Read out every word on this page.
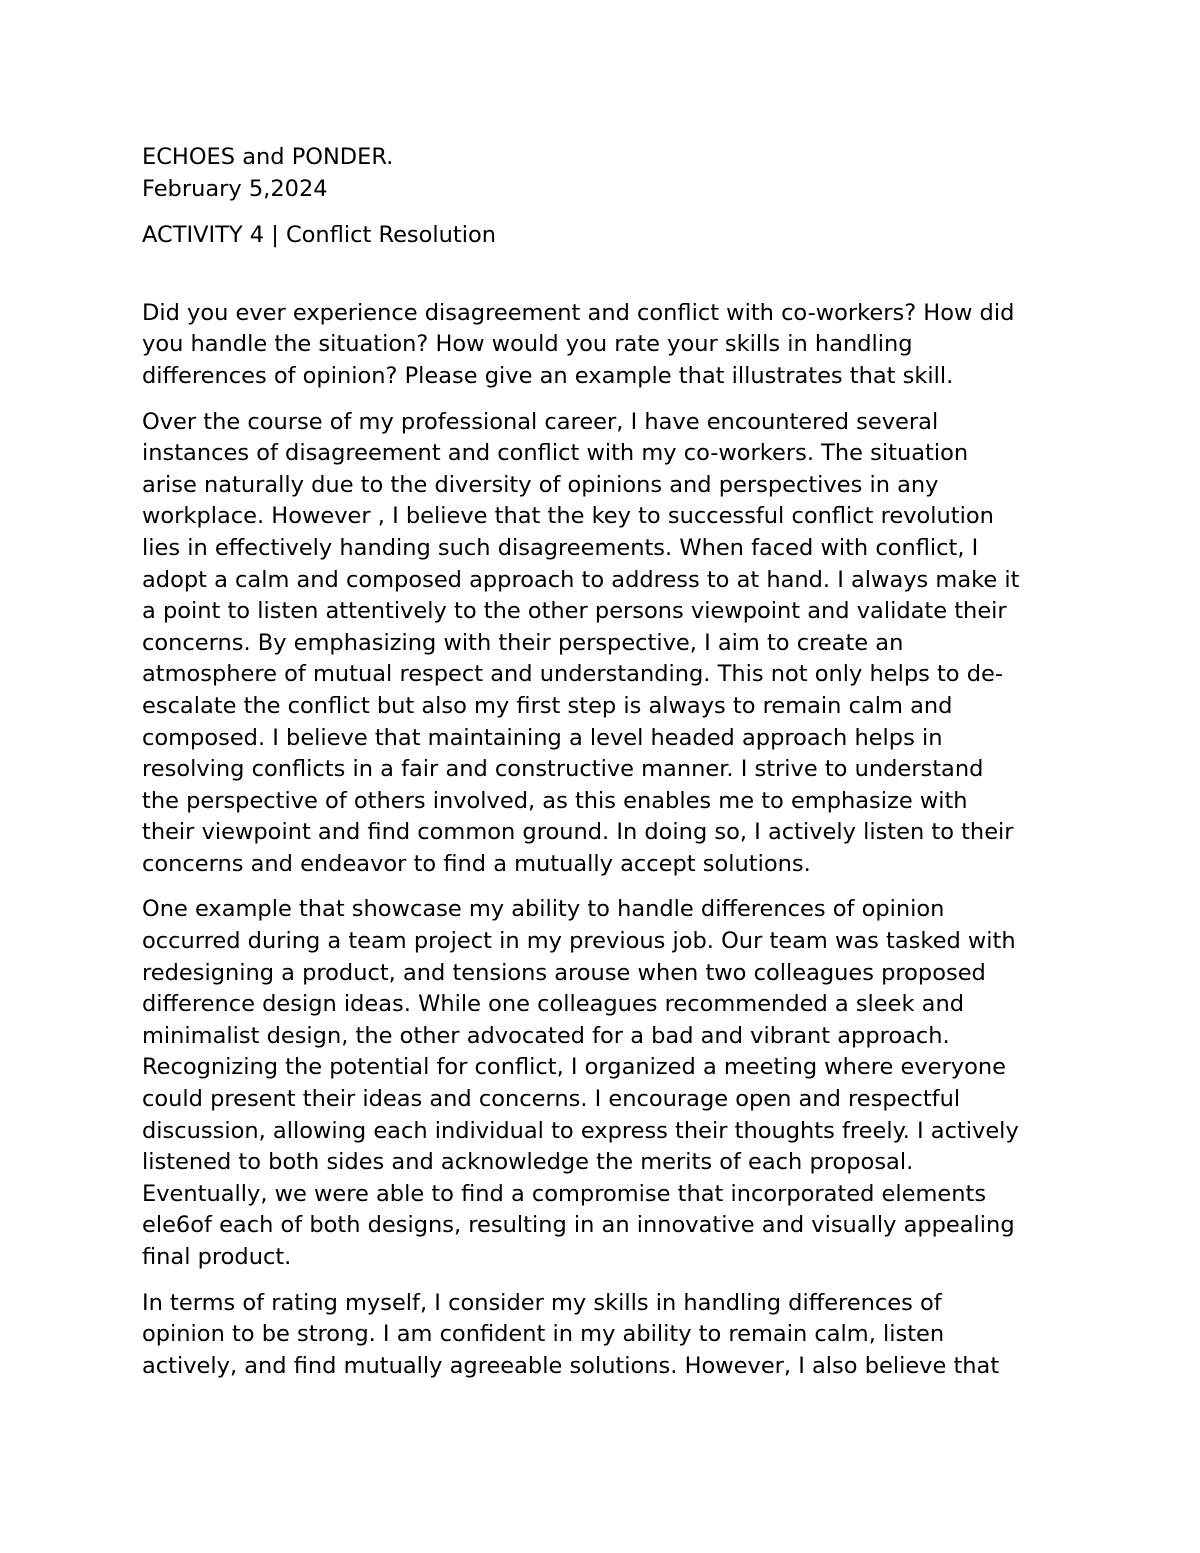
ECHOES and PONDER.

February 5,2024

ACTIVITY 4 | Conflict Resolution

Did you ever experience disagreement and conflict with co-workers? How did
you handle the situation? How would you rate your skills in handling
differences of opinion? Please give an example that illustrates that skill.

Over the course of my professional career, I have encountered several
instances of disagreement and conflict with my co-workers. The situation
arise naturally due to the diversity of opinions and perspectives in any
workplace. However , I believe that the key to successful conflict revolution
lies in effectively handing such disagreements. When faced with conflict, I
adopt a calm and composed approach to address to at hand. I always make it
a point to listen attentively to the other persons viewpoint and validate their
concerns. By emphasizing with their perspective, I aim to create an
atmosphere of mutual respect and understanding. This not only helps to de-
escalate the conflict but also my first step is always to remain calm and
composed. I believe that maintaining a level headed approach helps in
resolving conflicts in a fair and constructive manner. I strive to understand
the perspective of others involved, as this enables me to emphasize with
their viewpoint and find common ground. In doing so, I actively listen to their
concerns and endeavor to find a mutually accept solutions.

One example that showcase my ability to handle differences of opinion
occurred during a team project in my previous job. Our team was tasked with
redesigning a product, and tensions arouse when two colleagues proposed
difference design ideas. While one colleagues recommended a sleek and
minimalist design, the other advocated for a bad and vibrant approach.
Recognizing the potential for conflict, I organized a meeting where everyone
could present their ideas and concerns. I encourage open and respectful
discussion, allowing each individual to express their thoughts freely. I actively
listened to both sides and acknowledge the merits of each proposal.
Eventually, we were able to find a compromise that incorporated elements
ele6of each of both designs, resulting in an innovative and visually appealing
final product.

In terms of rating myself, I consider my skills in handling differences of
opinion to be strong. I am confident in my ability to remain calm, listen
actively, and find mutually agreeable solutions. However, I also believe that
